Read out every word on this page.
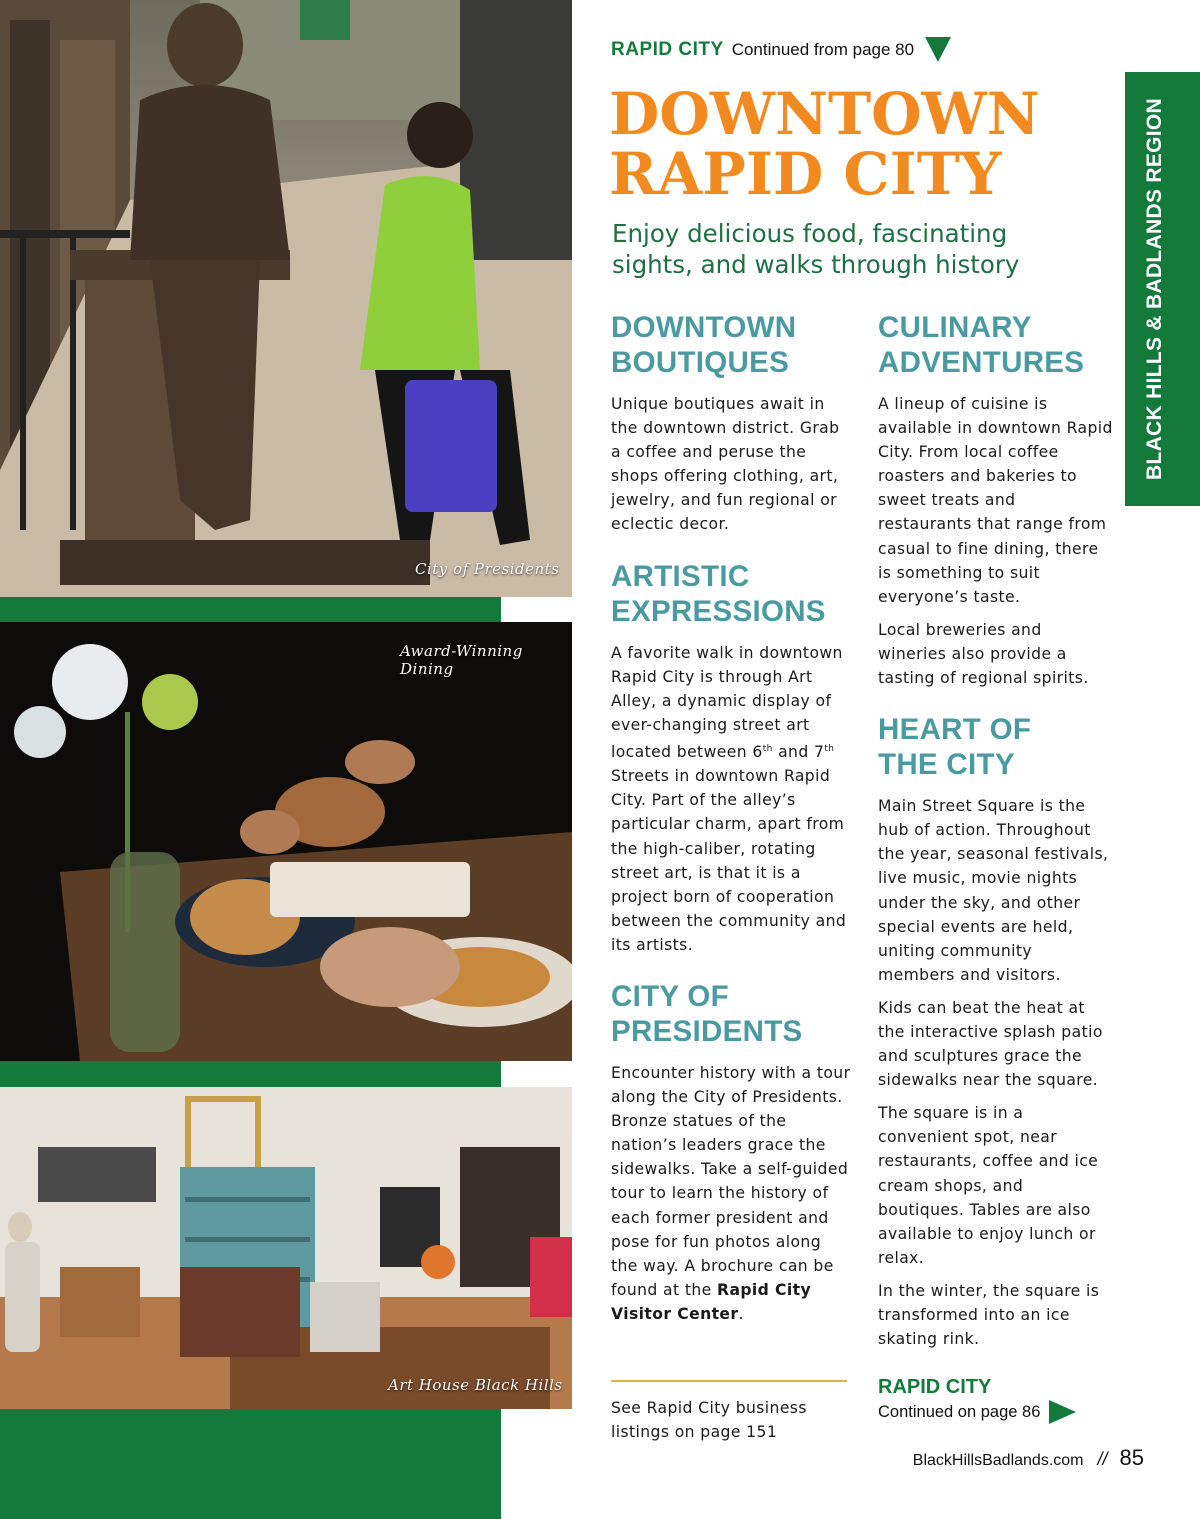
City of Presidents
Award-Winning Dining
Art House Black Hills
RAPID CITY Continued from page 80
DOWNTOWN
RAPID CITY
Enjoy delicious food, fascinating sights, and walks through history	BLACK HILLS & BADLANDS REGION
DOWNTOWN
BOUTIQUES

Unique boutiques await in the downtown district. Grab a coffee and peruse the shops offering clothing, art, jewelry, and fun regional or eclectic decor.

ARTISTIC
EXPRESSIONS

A favorite walk in downtown Rapid City is through Art Alley, a dynamic display of ever-changing street art located between 6th and 7th Streets in downtown Rapid City. Part of the alley’s particular charm, apart from the high-caliber, rotating street art, is that it is a project born of cooperation between the community and its artists.

CITY OF
PRESIDENTS

Encounter history with a tour along the City of Presidents. Bronze statues of the nation’s leaders grace the sidewalks. Take a self-guided tour to learn the history of each former president and pose for fun photos along the way. A brochure can be found at the Rapid City Visitor Center.

CULINARY
ADVENTURES

A lineup of cuisine is available in downtown Rapid City. From local coffee roasters and bakeries to sweet treats and restaurants that range from casual to fine dining, there is something to suit everyone’s taste.

Local breweries and wineries also provide a tasting of regional spirits.

HEART OF
THE CITY

Main Street Square is the hub of action. Throughout the year, seasonal festivals, live music, movie nights under the sky, and other special events are held, uniting community members and visitors.

Kids can beat the heat at the interactive splash patio and sculptures grace the sidewalks near the square.

The square is in a convenient spot, near restaurants, coffee and ice cream shops, and boutiques. Tables are also available to enjoy lunch or relax.

In the winter, the square is transformed into an ice skating rink.

See Rapid City business listings on page 151

RAPID CITY
Continued on page 86
BlackHillsBadlands.com // 85
